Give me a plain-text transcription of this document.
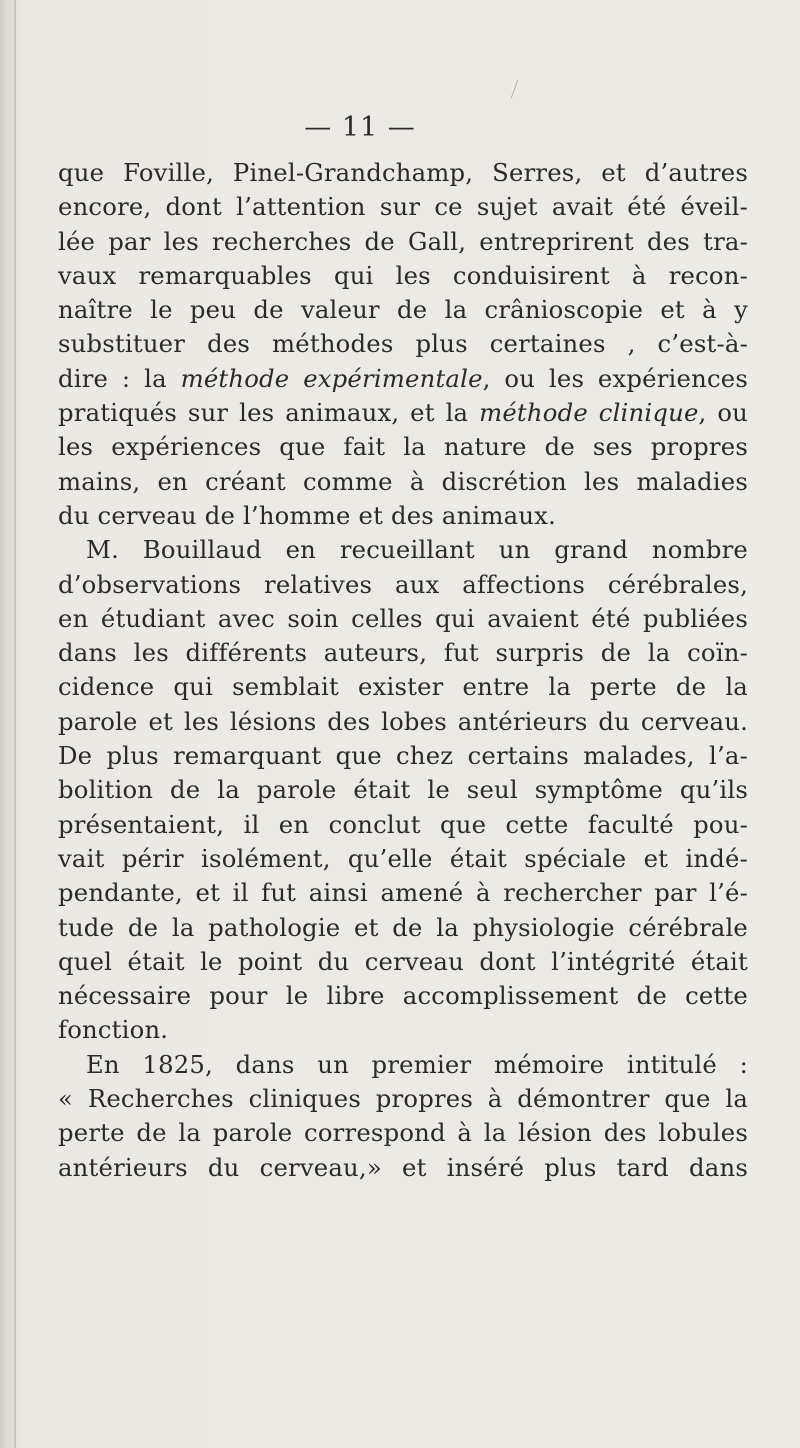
— 11 —
que Foville, Pinel-Grandchamp, Serres, et d’autres
encore, dont l’attention sur ce sujet avait été éveil-
lée par les recherches de Gall, entreprirent des tra-
vaux remarquables qui les conduisirent à recon-
naître le peu de valeur de la crânioscopie et à y
substituer des méthodes plus certaines , c’est-à-
dire : la méthode expérimentale, ou les expériences
pratiqués sur les animaux, et la méthode clinique, ou
les expériences que fait la nature de ses propres
mains, en créant comme à discrétion les maladies
du cerveau de l’homme et des animaux.
M. Bouillaud en recueillant un grand nombre
d’observations relatives aux affections cérébrales,
en étudiant avec soin celles qui avaient été publiées
dans les différents auteurs, fut surpris de la coïn-
cidence qui semblait exister entre la perte de la
parole et les lésions des lobes antérieurs du cerveau.
De plus remarquant que chez certains malades, l’a-
bolition de la parole était le seul symptôme qu’ils
présentaient, il en conclut que cette faculté pou-
vait périr isolément, qu’elle était spéciale et indé-
pendante, et il fut ainsi amené à rechercher par l’é-
tude de la pathologie et de la physiologie cérébrale
quel était le point du cerveau dont l’intégrité était
nécessaire pour le libre accomplissement de cette
fonction.
En 1825, dans un premier mémoire intitulé :
« Recherches cliniques propres à démontrer que la
perte de la parole correspond à la lésion des lobules
antérieurs du cerveau,» et inséré plus tard dans
